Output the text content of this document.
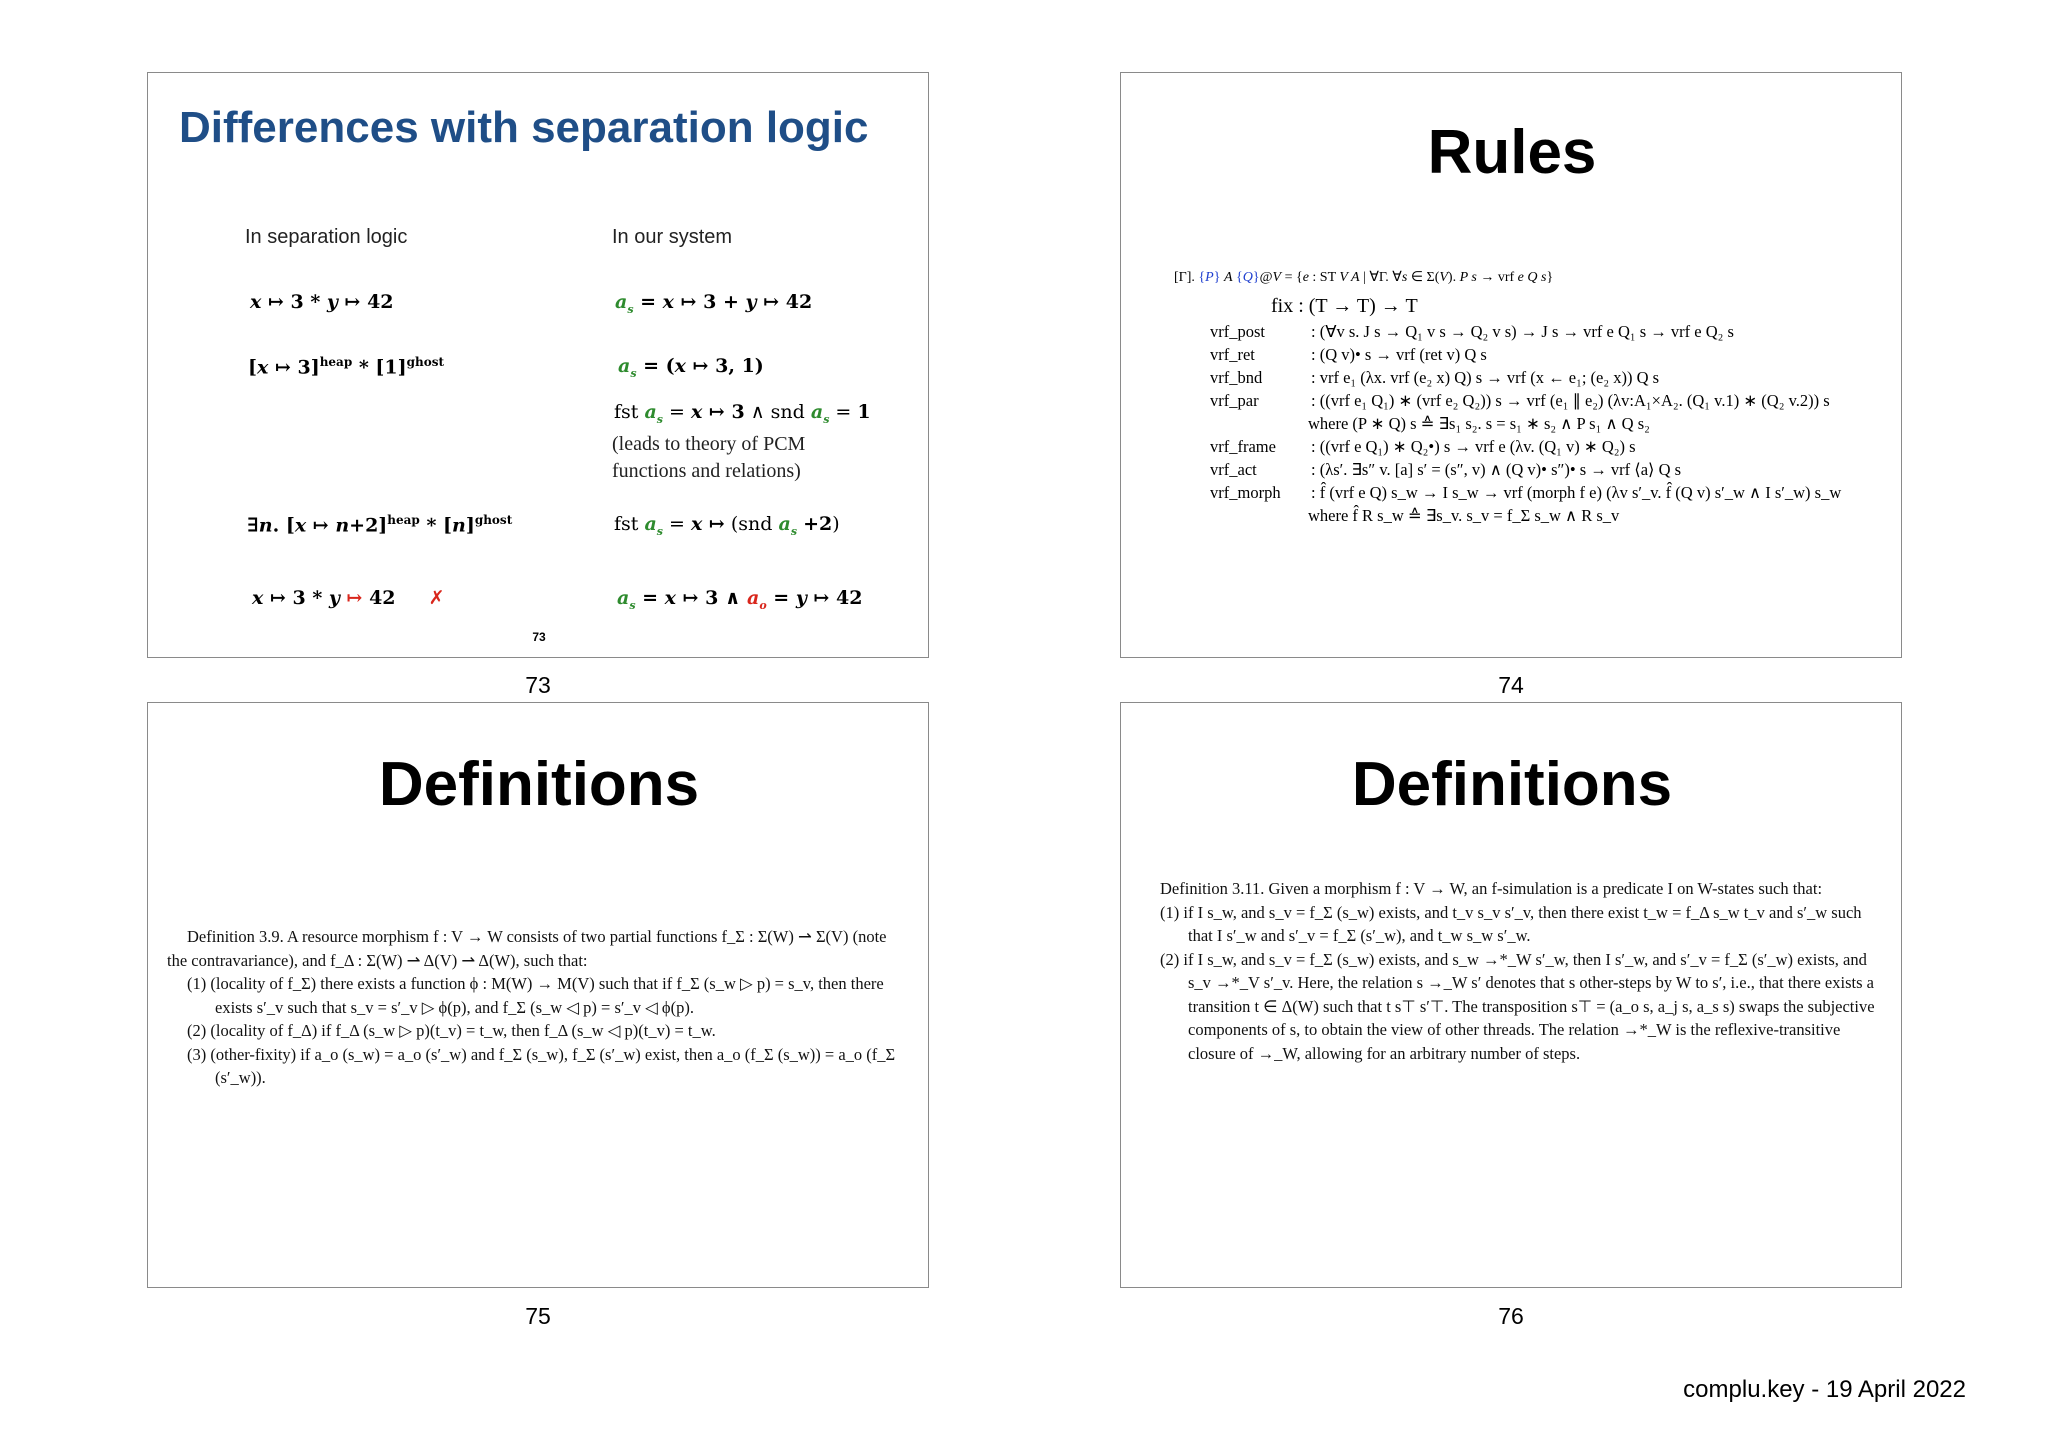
Differences with separation logic
In separation logic	In our system
x ↦ 3 * y ↦ 42	$a_s = x$ ↦ 3 + y ↦ 42
[x ↦ $3]^{heap} * [1]^{ghost}$	$a_s = (x$ ↦ 3, 1)
fst $a_s = x$ ↦ 3 ∧ snd $a_s = 1$
(leads to theory of PCM functions and relations)
∃n. [x ↦ $n+2]^{heap} * [n]^{ghost}$	fst $a_s = x$ ↦ (snd $a_s +2$)
x ↦ 3 * y ↦ 42     ✗	$a_s = x$ ↦ 3 ∧ $a_o = y$ ↦ 42
73
73
Rules
[Γ]. {P} A {Q}@V = {e : ST V A | ∀Γ. ∀s ∈ Σ(V). P s → vrf e Q s}
fix : (T → T) → T
vrf_post	: (∀v s. J s → Q₁ v s → Q₂ v s) → J s → vrf e Q₁ s → vrf e Q₂ s
vrf_ret	: (Q v)• s → vrf (ret v) Q s
vrf_bnd	: vrf e₁ (λx. vrf (e₂ x) Q) s → vrf (x ← e₁; (e₂ x)) Q s
vrf_par	: ((vrf e₁ Q₁) ∗ (vrf e₂ Q₂)) s → vrf (e₁ ∥ e₂) (λv:A₁×A₂. (Q₁ v.1) ∗ (Q₂ v.2)) s
where (P ∗ Q) s ≙ ∃s₁ s₂. s = s₁ ∗ s₂ ∧ P s₁ ∧ Q s₂
vrf_frame : ((vrf e Q₁) ∗ Q₂•) s → vrf e (λv. (Q₁ v) ∗ Q₂) s
vrf_act	: (λs′. ∃s″ v. [a] s′ = (s″, v) ∧ (Q v)• s″)• s → vrf ⟨a⟩ Q s
vrf_morph : f̂ (vrf e Q) s_w → I s_w → vrf (morph f e) (λv s′_v. f̂ (Q v) s′_w ∧ I s′_w) s_w
where f̂ R s_w ≙ ∃s_v. s_v = f_Σ s_w ∧ R s_v
74
Definitions

Definition 3.9. A resource morphism f : V → W consists of two partial functions f_Σ : Σ(W) ⇀ Σ(V) (note the contravariance), and f_Δ : Σ(W) ⇀ Δ(V) ⇀ Δ(W), such that:

(1) (locality of f_Σ) there exists a function ϕ : M(W) → M(V) such that if f_Σ (s_w ▷ p) = s_v, then there exists s′_v such that s_v = s′_v ▷ ϕ(p), and f_Σ (s_w ◁ p) = s′_v ◁ ϕ(p).

(2) (locality of f_Δ) if f_Δ (s_w ▷ p)(t_v) = t_w, then f_Δ (s_w ◁ p)(t_v) = t_w.

(3) (other-fixity) if a_o (s_w) = a_o (s′_w) and f_Σ (s_w), f_Σ (s′_w) exist, then a_o (f_Σ (s_w)) = a_o (f_Σ (s′_w)).

75
Definitions

Definition 3.11. Given a morphism f : V → W, an f-simulation is a predicate I on W-states such that:

(1) if I s_w, and s_v = f_Σ (s_w) exists, and t_v s_v s′_v, then there exist t_w = f_Δ s_w t_v and s′_w such that I s′_w and s′_v = f_Σ (s′_w), and t_w s_w s′_w.

(2) if I s_w, and s_v = f_Σ (s_w) exists, and s_w →*_W s′_w, then I s′_w, and s′_v = f_Σ (s′_w) exists, and s_v →*_V s′_v. Here, the relation s →_W s′ denotes that s other-steps by W to s′, i.e., that there exists a transition t ∈ Δ(W) such that t s⊤ s′⊤. The transposition s⊤ = (a_o s, a_j s, a_s s) swaps the subjective components of s, to obtain the view of other threads. The relation →*_W is the reflexive-transitive closure of →_W, allowing for an arbitrary number of steps.

76
complu.key - 19 April 2022
